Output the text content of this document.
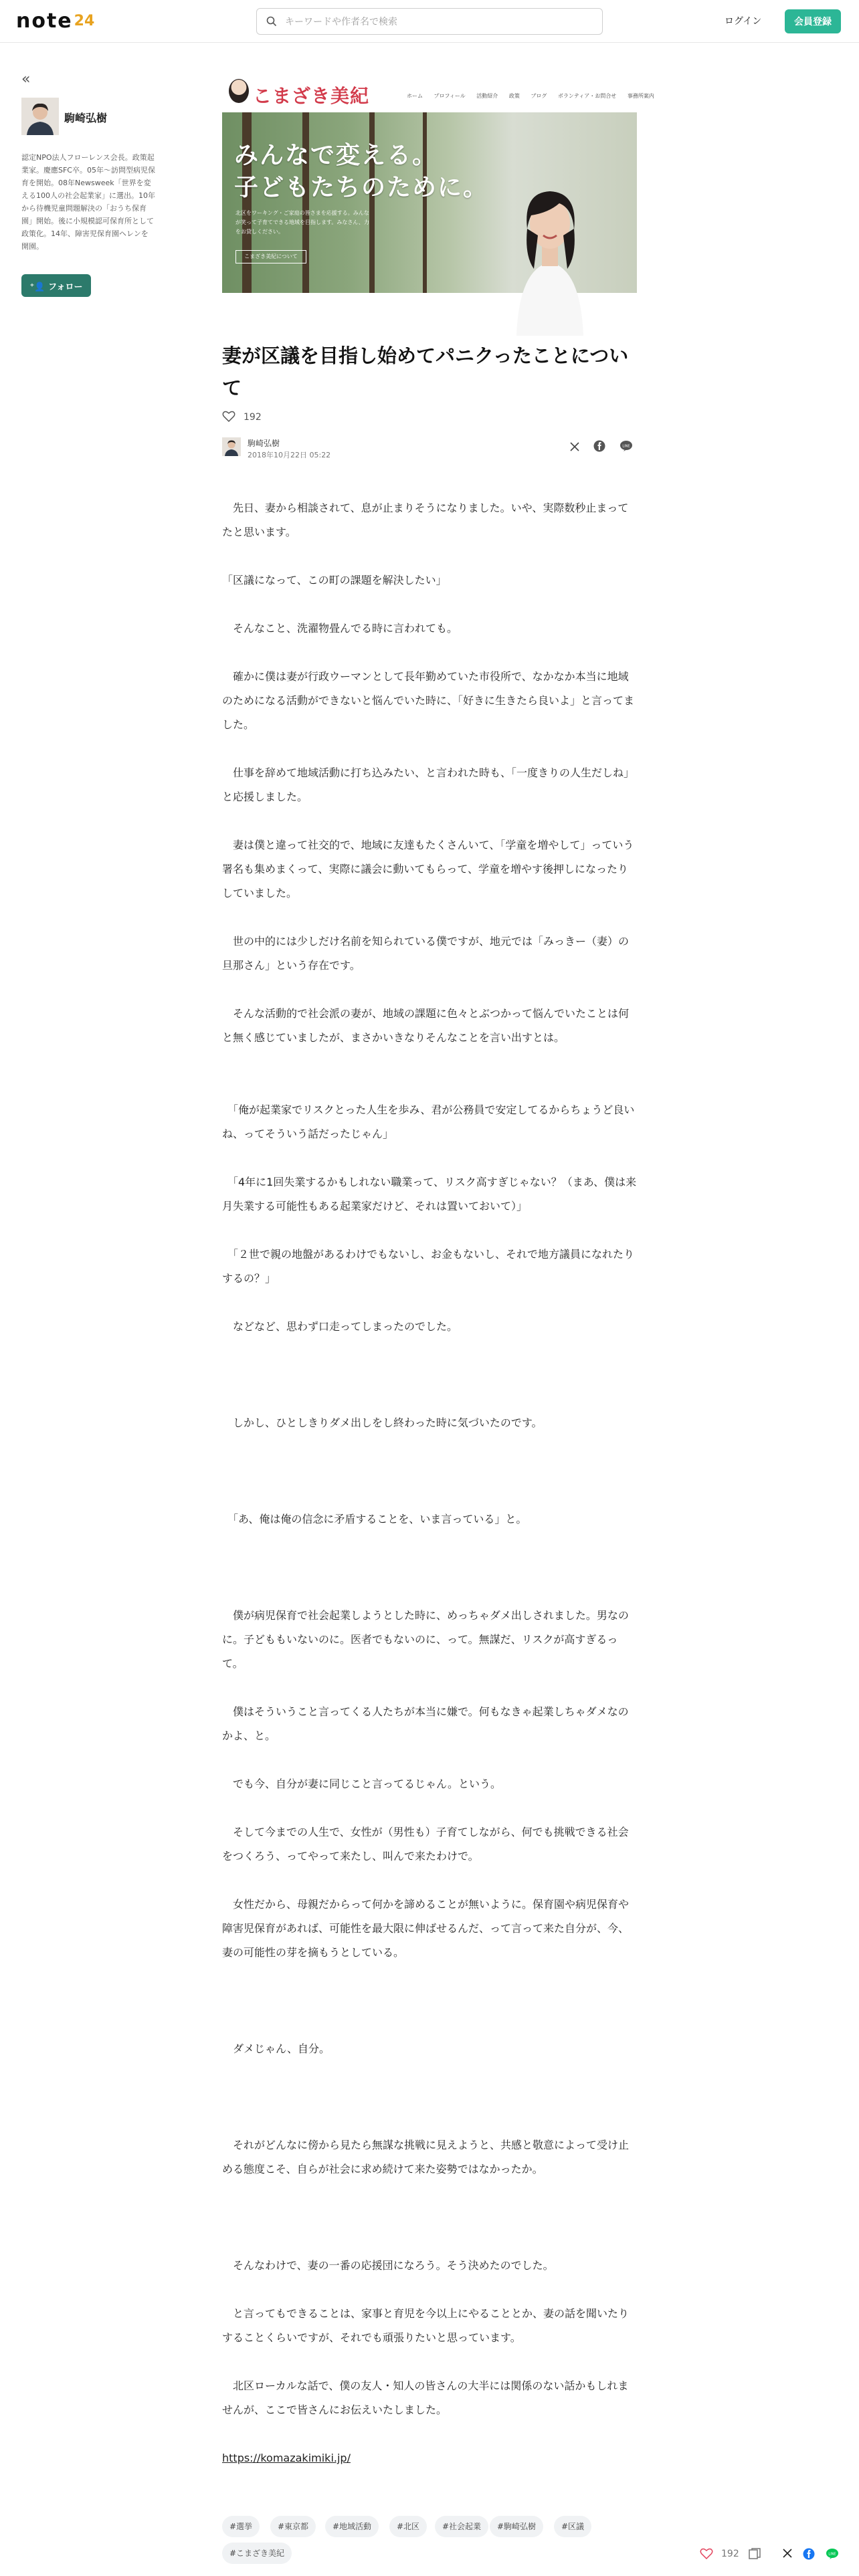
note24
キーワードや作者名で検索	ログイン	会員登録
«
駒崎弘樹
認定NPO法人フローレンス会長。政策起業家。慶應SFC卒。05年〜訪問型病児保育を開始。08年Newsweek「世界を変える100人の社会起業家」に選出。10年から待機児童問題解決の「おうち保育園」開始。後に小規模認可保育所として政策化。14年、障害児保育園ヘレンを開園。
⁺👤 フォロー
こまざき美紀	ホーム プロフィール 活動紹介 政策 ブログ ボランティア・お問合せ 事務所案内
みんなで変える。
子どもたちのために。
北区をワーキング・ご家庭の皆さまを応援する。みんなが笑って子育てできる地域を目指します。みなさん、力をお貸しください。
こまざき美紀について
妻が区議を目指し始めてパニクったことについて
192
駒崎弘樹
2018年10月22日 05:22

LINE
　先日、妻から相談されて、息が止まりそうになりました。いや、実際数秒止まってたと思います。
「区議になって、この町の課題を解決したい」
　そんなこと、洗濯物畳んでる時に言われても。
　確かに僕は妻が行政ウーマンとして長年勤めていた市役所で、なかなか本当に地域のためになる活動ができないと悩んでいた時に、「好きに生きたら良いよ」と言ってました。
　仕事を辞めて地域活動に打ち込みたい、と言われた時も、「一度きりの人生だしね」と応援しました。
　妻は僕と違って社交的で、地域に友達もたくさんいて、「学童を増やして」っていう署名も集めまくって、実際に議会に動いてもらって、学童を増やす後押しになったりしていました。
　世の中的には少しだけ名前を知られている僕ですが、地元では「みっきー（妻）の旦那さん」という存在です。
　そんな活動的で社会派の妻が、地域の課題に色々とぶつかって悩んでいたことは何と無く感じていましたが、まさかいきなりそんなことを言い出すとは。
　「俺が起業家でリスクとった人生を歩み、君が公務員で安定してるからちょうど良いね、ってそういう話だったじゃん」
　「4年に1回失業するかもしれない職業って、リスク高すぎじゃない？（まあ、僕は来月失業する可能性もある起業家だけど、それは置いておいて）」
　「２世で親の地盤があるわけでもないし、お金もないし、それで地方議員になれたりするの？」
　などなど、思わず口走ってしまったのでした。
　しかし、ひとしきりダメ出しをし終わった時に気づいたのです。
　「あ、俺は俺の信念に矛盾することを、いま言っている」と。
　僕が病児保育で社会起業しようとした時に、めっちゃダメ出しされました。男なのに。子どももいないのに。医者でもないのに、って。無謀だ、リスクが高すぎるって。
　僕はそういうこと言ってくる人たちが本当に嫌で。何もなきゃ起業しちゃダメなのかよ、と。
　でも今、自分が妻に同じこと言ってるじゃん。という。
　そして今までの人生で、女性が（男性も）子育てしながら、何でも挑戦できる社会をつくろう、ってやって来たし、叫んで来たわけで。
　女性だから、母親だからって何かを諦めることが無いように。保育園や病児保育や障害児保育があれば、可能性を最大限に伸ばせるんだ、って言って来た自分が、今、妻の可能性の芽を摘もうとしている。
　ダメじゃん、自分。
　それがどんなに傍から見たら無謀な挑戦に見えようと、共感と敬意によって受け止める態度こそ、自らが社会に求め続けて来た姿勢ではなかったか。
　そんなわけで、妻の一番の応援団になろう。そう決めたのでした。
　と言ってもできることは、家事と育児を今以上にやることとか、妻の話を聞いたりすることくらいですが、それでも頑張りたいと思っています。
　北区ローカルな話で、僕の友人・知人の皆さんの大半には関係のない話かもしれませんが、ここで皆さんにお伝えいたしました。
https://komazakimiki.jp/
#選挙	#東京都	#地域活動	#北区	#社会起業	#駒崎弘樹	#区議
#こまざき美紀	192	LINE
